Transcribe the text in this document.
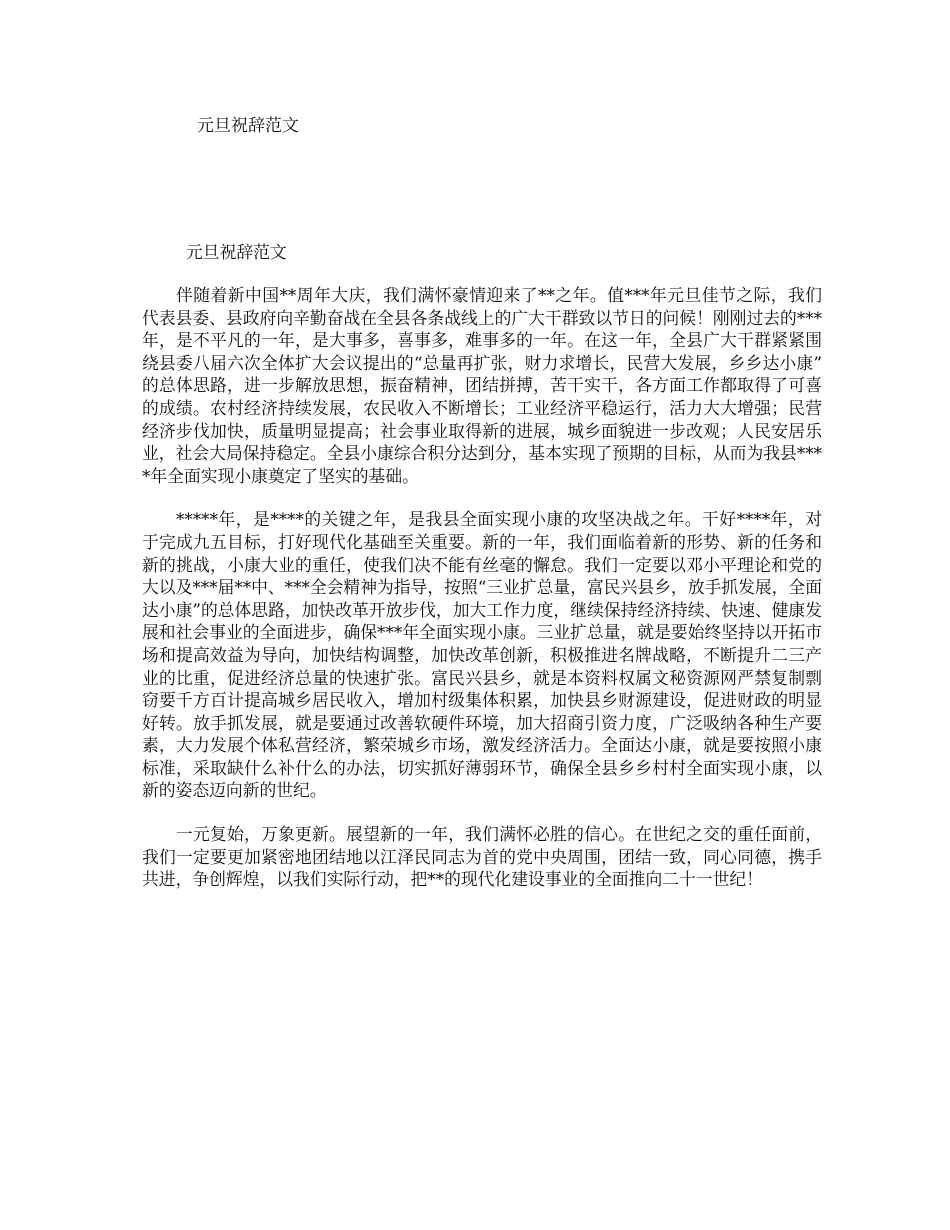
元旦祝辞范文
元旦祝辞范文

伴随着新中国**周年大庆，我们满怀豪情迎来了**之年。值***年元旦佳节之际，我们代表县委、县政府向辛勤奋战在全县各条战线上的广大干群致以节日的问候！刚刚过去的***年，是不平凡的一年，是大事多，喜事多，难事多的一年。在这一年，全县广大干群紧紧围绕县委八届六次全体扩大会议提出的“总量再扩张，财力求增长，民营大发展，乡乡达小康”的总体思路，进一步解放思想，振奋精神，团结拼搏，苦干实干，各方面工作都取得了可喜的成绩。农村经济持续发展，农民收入不断增长；工业经济平稳运行，活力大大增强；民营经济步伐加快，质量明显提高；社会事业取得新的进展，城乡面貌进一步改观；人民安居乐业，社会大局保持稳定。全县小康综合积分达到分，基本实现了预期的目标，从而为我县****年全面实现小康奠定了坚实的基础。

*****年，是****的关键之年，是我县全面实现小康的攻坚决战之年。干好****年，对于完成九五目标，打好现代化基础至关重要。新的一年，我们面临着新的形势、新的任务和新的挑战，小康大业的重任，使我们决不能有丝毫的懈怠。我们一定要以邓小平理论和党的大以及***届**中、***全会精神为指导，按照“三业扩总量，富民兴县乡，放手抓发展，全面达小康”的总体思路，加快改革开放步伐，加大工作力度，继续保持经济持续、快速、健康发展和社会事业的全面进步，确保***年全面实现小康。三业扩总量，就是要始终坚持以开拓市场和提高效益为导向，加快结构调整，加快改革创新，积极推进名牌战略，不断提升二三产业的比重，促进经济总量的快速扩张。富民兴县乡，就是本资料权属文秘资源网严禁复制剽窃要千方百计提高城乡居民收入，增加村级集体积累，加快县乡财源建设，促进财政的明显好转。放手抓发展，就是要通过改善软硬件环境，加大招商引资力度，广泛吸纳各种生产要素，大力发展个体私营经济，繁荣城乡市场，激发经济活力。全面达小康，就是要按照小康标准，采取缺什么补什么的办法，切实抓好薄弱环节，确保全县乡乡村村全面实现小康，以新的姿态迈向新的世纪。

一元复始，万象更新。展望新的一年，我们满怀必胜的信心。在世纪之交的重任面前，我们一定要更加紧密地团结地以江泽民同志为首的党中央周围，团结一致，同心同德，携手共进，争创辉煌，以我们实际行动，把**的现代化建设事业的全面推向二十一世纪！
